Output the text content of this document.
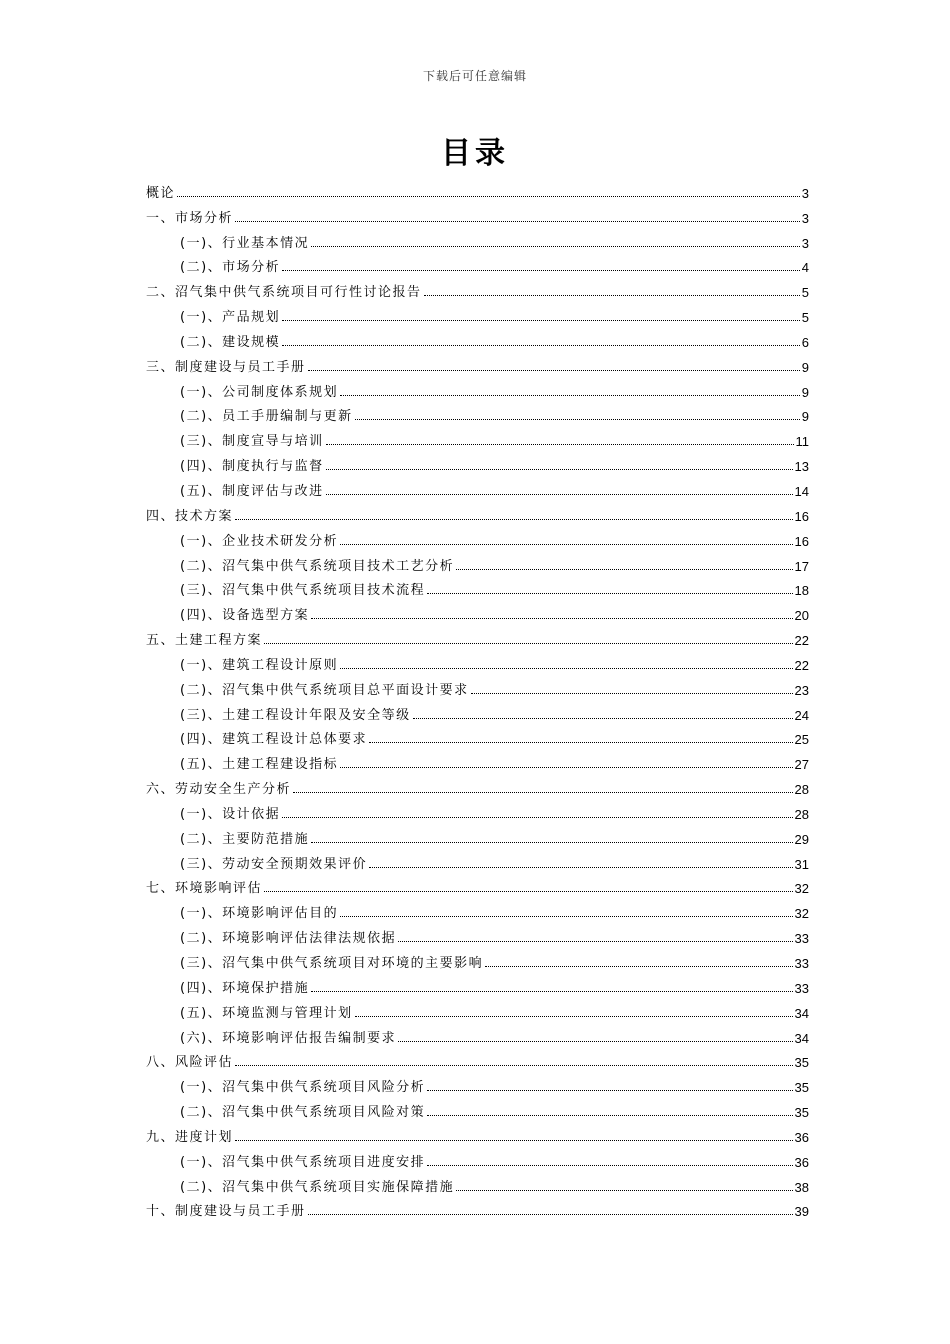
下载后可任意编辑
目录
概论	3
一、市场分析	3
(一)、行业基本情况	3
(二)、市场分析	4
二、沼气集中供气系统项目可行性讨论报告	5
(一)、产品规划	5
(二)、建设规模	6
三、制度建设与员工手册	9
(一)、公司制度体系规划	9
(二)、员工手册编制与更新	9
(三)、制度宣导与培训	11
(四)、制度执行与监督	13
(五)、制度评估与改进	14
四、技术方案	16
(一)、企业技术研发分析	16
(二)、沼气集中供气系统项目技术工艺分析	17
(三)、沼气集中供气系统项目技术流程	18
(四)、设备选型方案	20
五、土建工程方案	22
(一)、建筑工程设计原则	22
(二)、沼气集中供气系统项目总平面设计要求	23
(三)、土建工程设计年限及安全等级	24
(四)、建筑工程设计总体要求	25
(五)、土建工程建设指标	27
六、劳动安全生产分析	28
(一)、设计依据	28
(二)、主要防范措施	29
(三)、劳动安全预期效果评价	31
七、环境影响评估	32
(一)、环境影响评估目的	32
(二)、环境影响评估法律法规依据	33
(三)、沼气集中供气系统项目对环境的主要影响	33
(四)、环境保护措施	33
(五)、环境监测与管理计划	34
(六)、环境影响评估报告编制要求	34
八、风险评估	35
(一)、沼气集中供气系统项目风险分析	35
(二)、沼气集中供气系统项目风险对策	35
九、进度计划	36
(一)、沼气集中供气系统项目进度安排	36
(二)、沼气集中供气系统项目实施保障措施	38
十、制度建设与员工手册	39
